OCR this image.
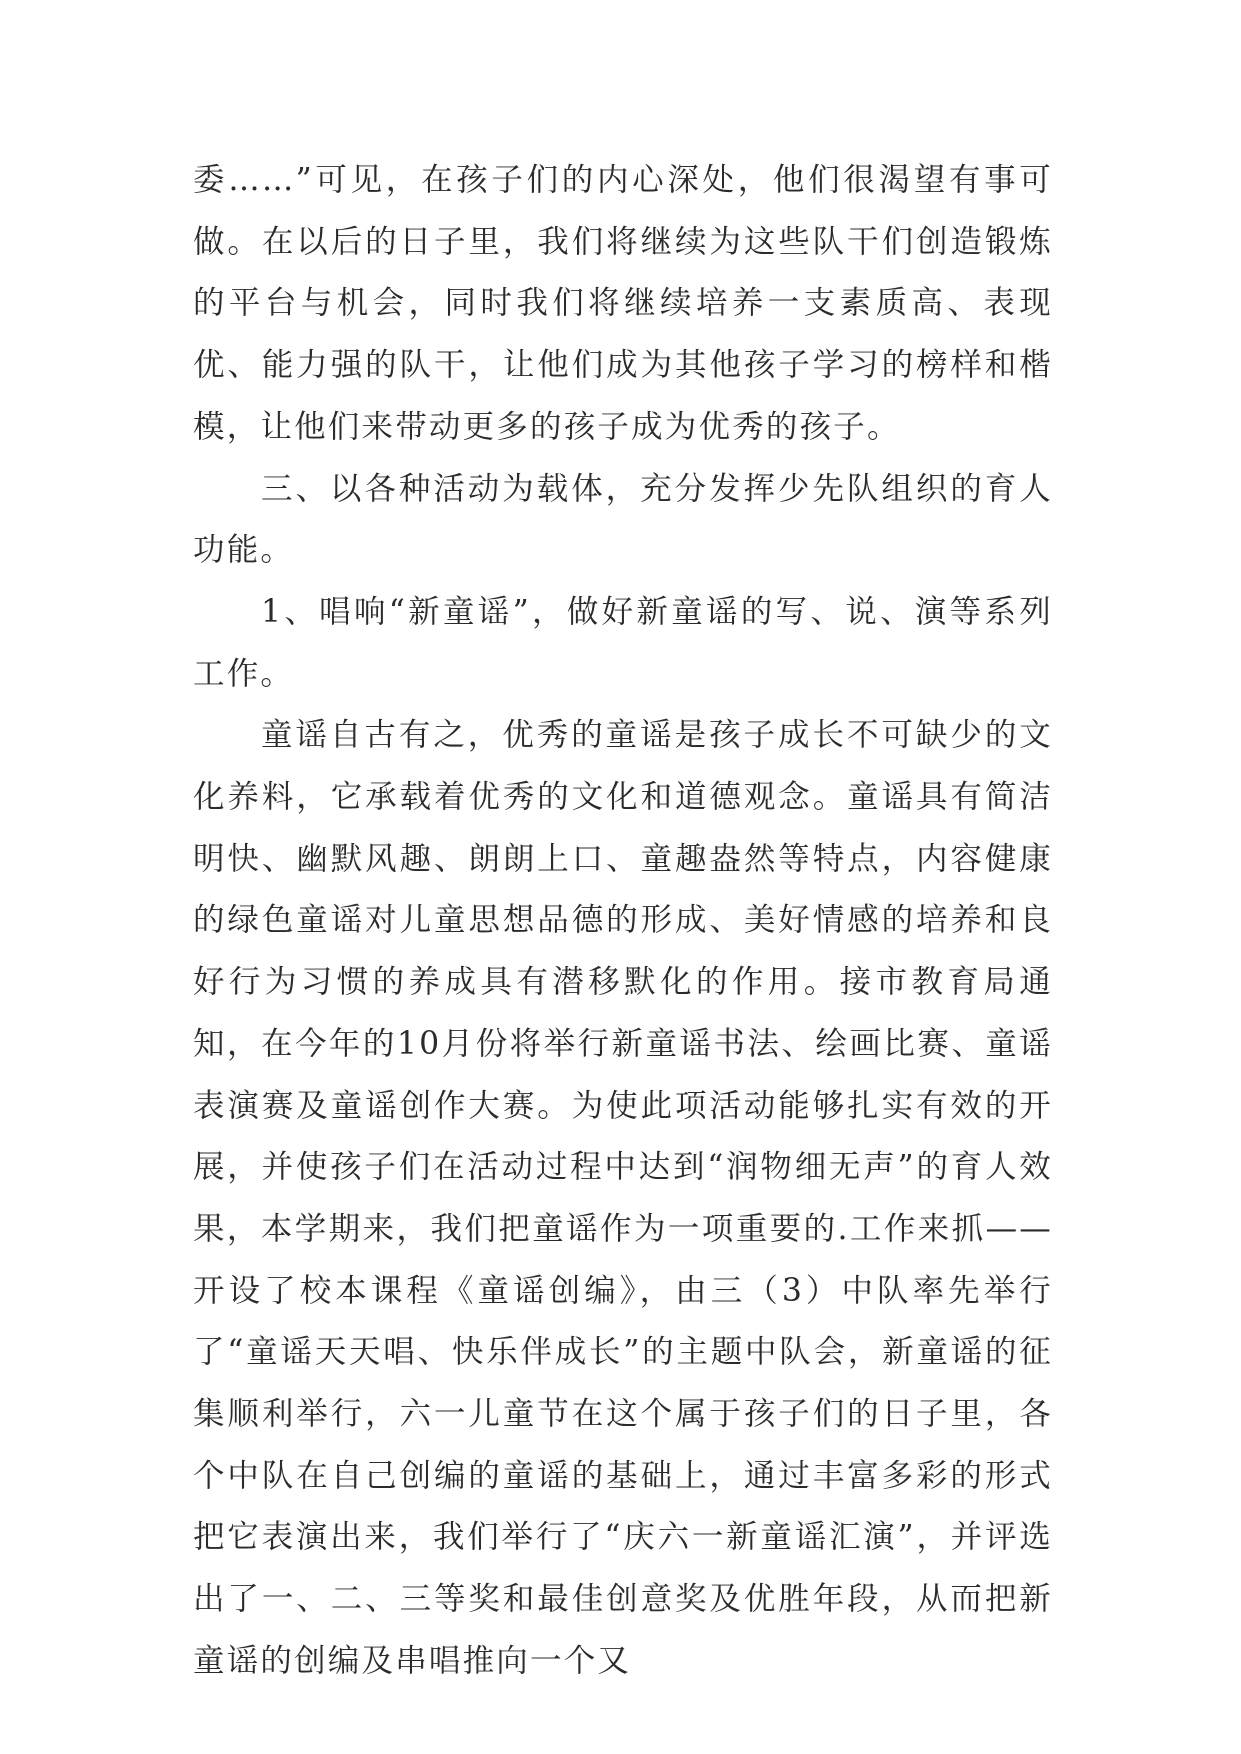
委……”可见，在孩子们的内心深处，他们很渴望有事可做。在以后的日子里，我们将继续为这些队干们创造锻炼的平台与机会，同时我们将继续培养一支素质高、表现优、能力强的队干，让他们成为其他孩子学习的榜样和楷模，让他们来带动更多的孩子成为优秀的孩子。

三、以各种活动为载体，充分发挥少先队组织的育人功能。

1、唱响“新童谣”，做好新童谣的写、说、演等系列工作。

童谣自古有之，优秀的童谣是孩子成长不可缺少的文化养料，它承载着优秀的文化和道德观念。童谣具有简洁明快、幽默风趣、朗朗上口、童趣盎然等特点，内容健康的绿色童谣对儿童思想品德的形成、美好情感的培养和良好行为习惯的养成具有潜移默化的作用。接市教育局通知，在今年的10月份将举行新童谣书法、绘画比赛、童谣表演赛及童谣创作大赛。为使此项活动能够扎实有效的开展，并使孩子们在活动过程中达到“润物细无声”的育人效果，本学期来，我们把童谣作为一项重要的.工作来抓——开设了校本课程《童谣创编》，由三（3）中队率先举行了“童谣天天唱、快乐伴成长”的主题中队会，新童谣的征集顺利举行，六一儿童节在这个属于孩子们的日子里，各个中队在自己创编的童谣的基础上，通过丰富多彩的形式把它表演出来，我们举行了“庆六一新童谣汇演”，并评选出了一、二、三等奖和最佳创意奖及优胜年段，从而把新童谣的创编及串唱推向一个又
